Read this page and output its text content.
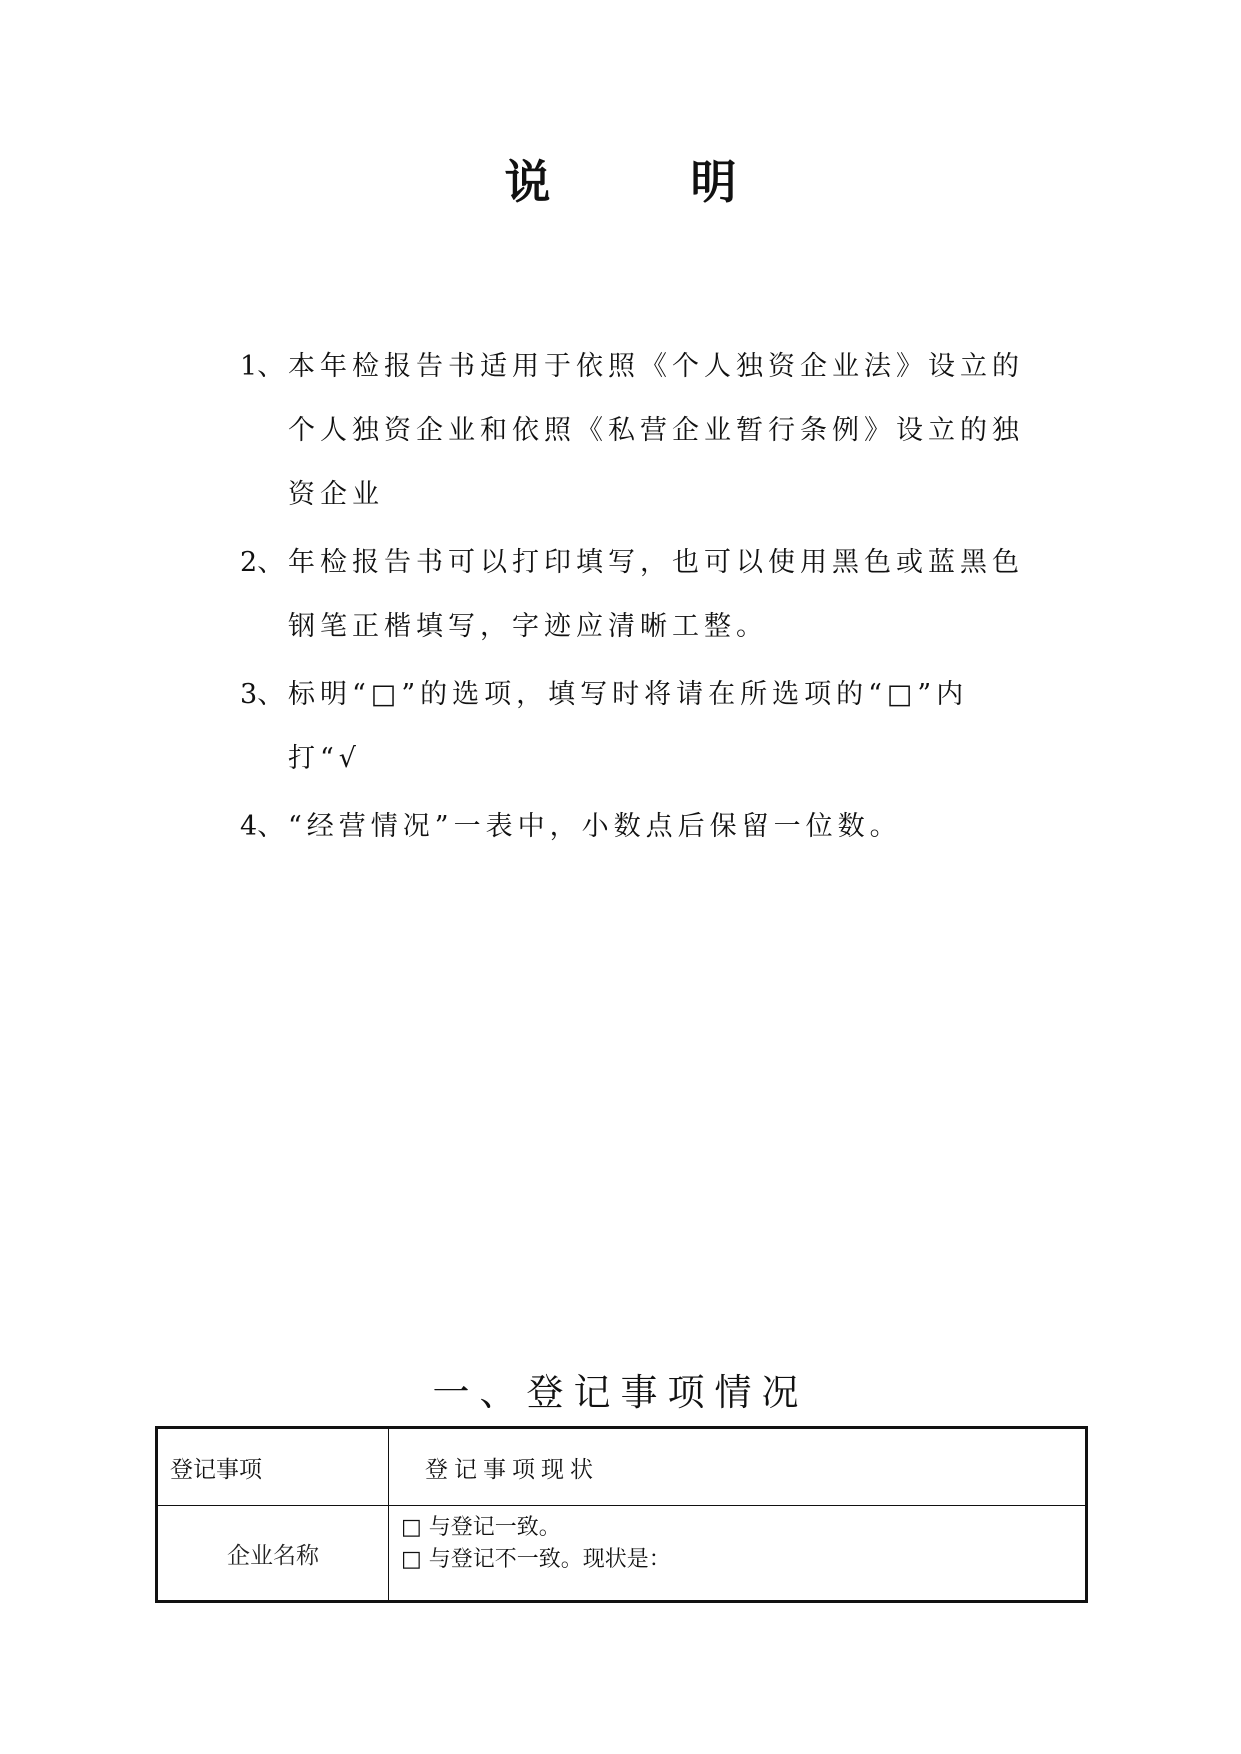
说	明
1、 本年检报告书适用于依照《个人独资企业法》设立的个人独资企业和依照《私营企业暂行条例》设立的独资企业
2、 年检报告书可以打印填写，也可以使用黑色或蓝黑色钢笔正楷填写，字迹应清晰工整。
3、 标明“□”的选项，填写时将请在所选项的“□”内打“√
4、 “经营情况”一表中，小数点后保留一位数。
一、登记事项情况
登记事项	登记事项现状
企业名称	□ 与登记一致。
□ 与登记不一致。现状是：
